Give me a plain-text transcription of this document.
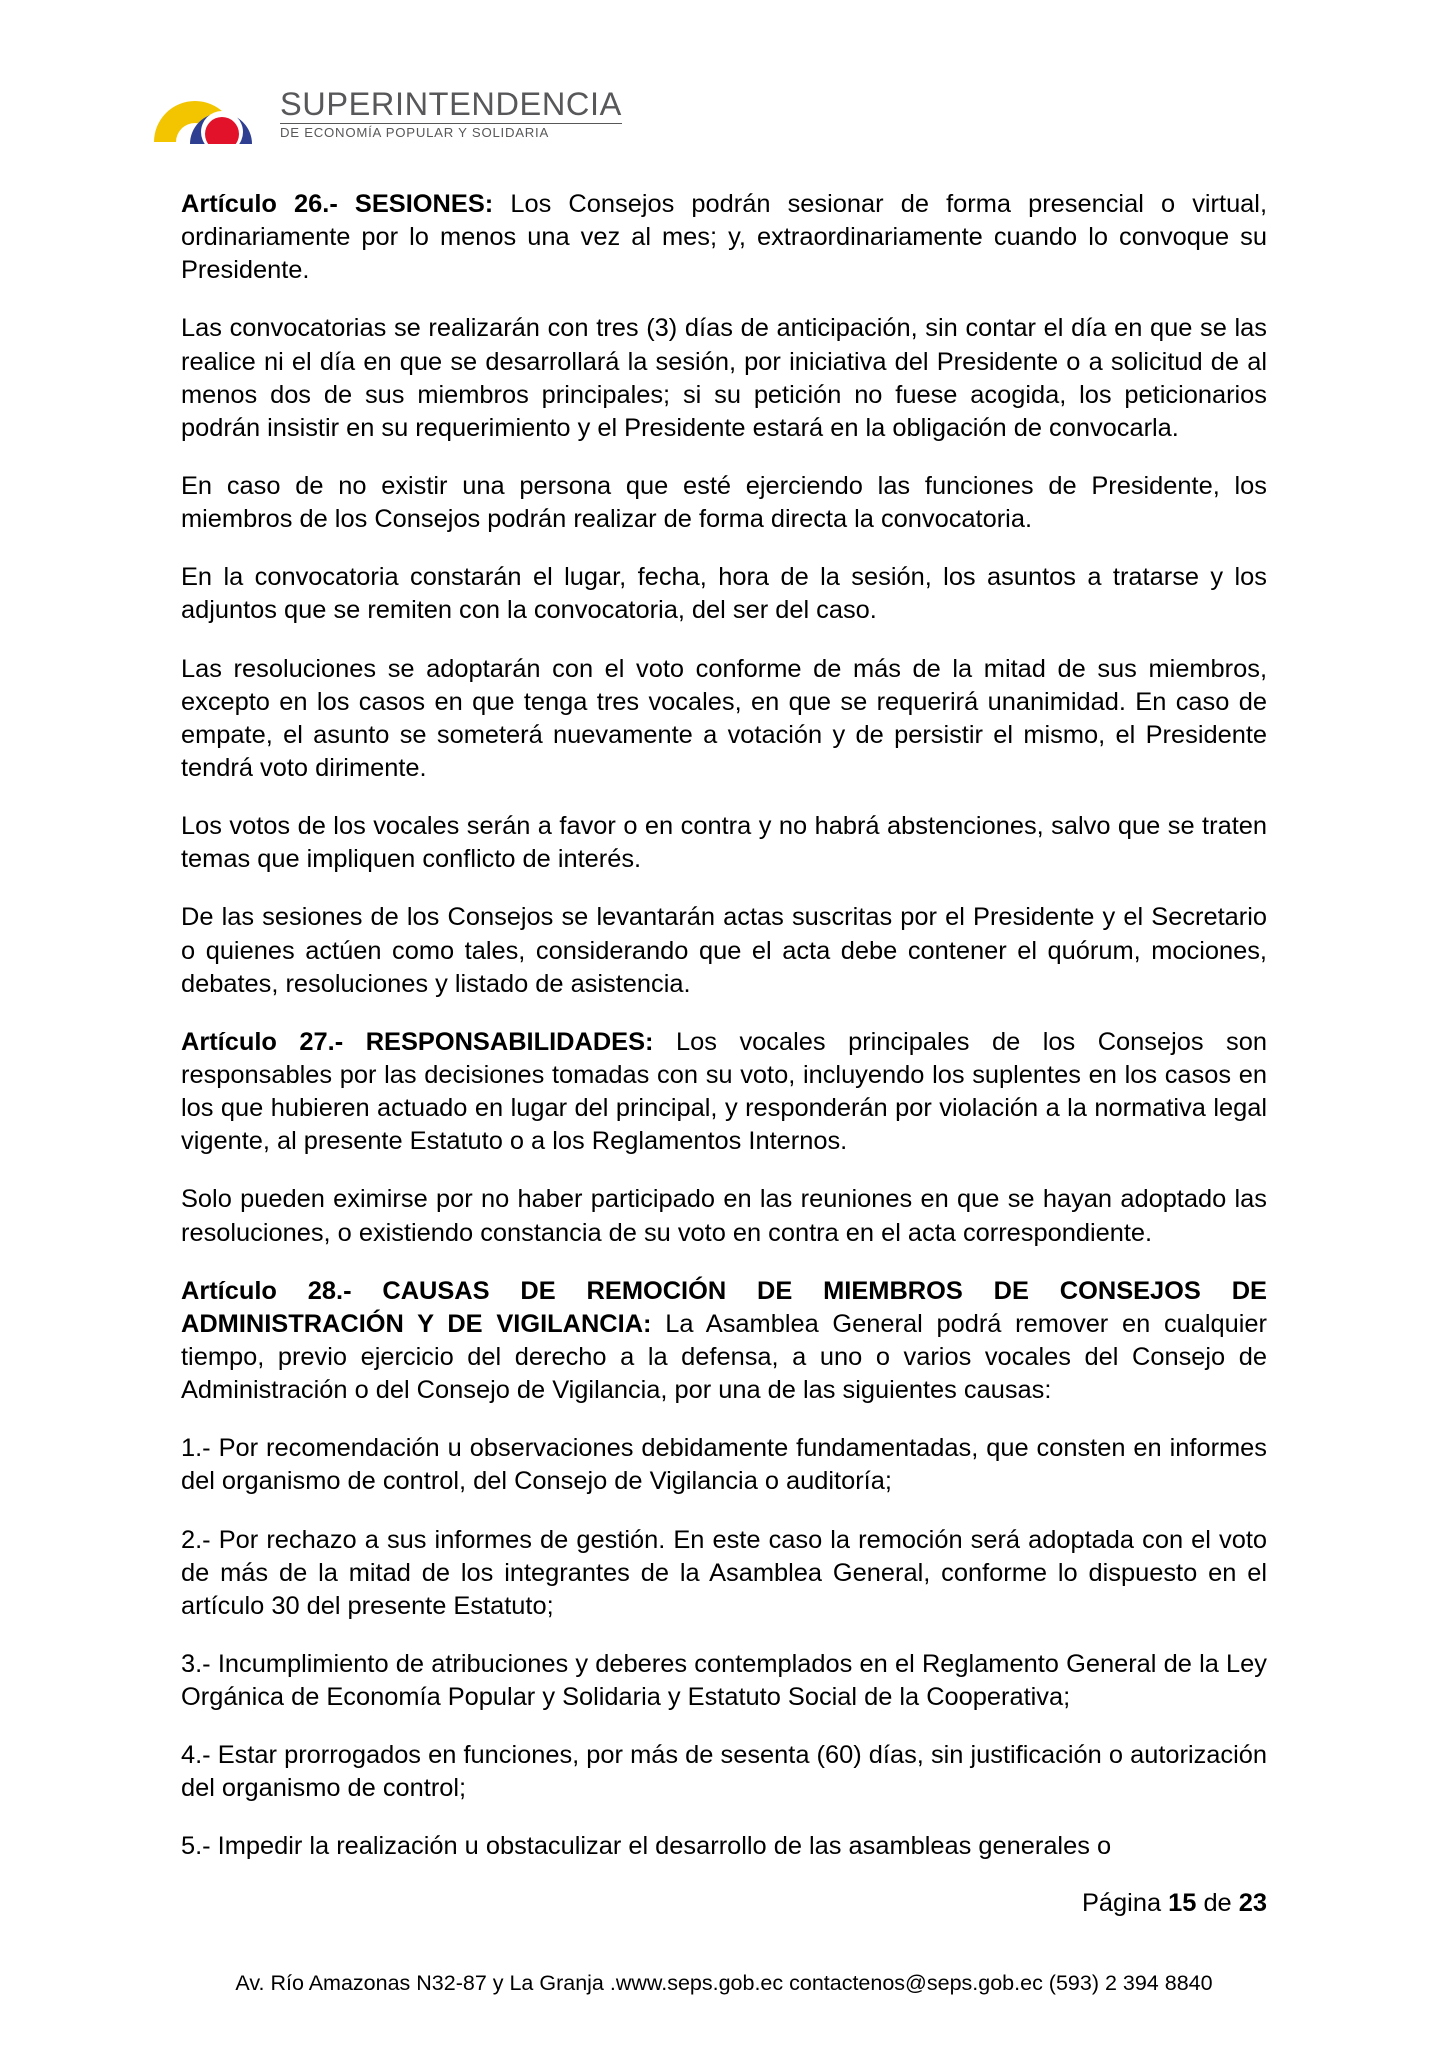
SUPERINTENDENCIA
DE ECONOMÍA POPULAR Y SOLIDARIA

Artículo 26.- SESIONES: Los Consejos podrán sesionar de forma presencial o virtual, ordinariamente por lo menos una vez al mes; y, extraordinariamente cuando lo convoque su Presidente.

Las convocatorias se realizarán con tres (3) días de anticipación, sin contar el día en que se las realice ni el día en que se desarrollará la sesión, por iniciativa del Presidente o a solicitud de al menos dos de sus miembros principales; si su petición no fuese acogida, los peticionarios podrán insistir en su requerimiento y el Presidente estará en la obligación de convocarla.

En caso de no existir una persona que esté ejerciendo las funciones de Presidente, los miembros de los Consejos podrán realizar de forma directa la convocatoria.

En la convocatoria constarán el lugar, fecha, hora de la sesión, los asuntos a tratarse y los adjuntos que se remiten con la convocatoria, del ser del caso.

Las resoluciones se adoptarán con el voto conforme de más de la mitad de sus miembros, excepto en los casos en que tenga tres vocales, en que se requerirá unanimidad. En caso de empate, el asunto se someterá nuevamente a votación y de persistir el mismo, el Presidente tendrá voto dirimente.

Los votos de los vocales serán a favor o en contra y no habrá abstenciones, salvo que se traten temas que impliquen conflicto de interés.

De las sesiones de los Consejos se levantarán actas suscritas por el Presidente y el Secretario o quienes actúen como tales, considerando que el acta debe contener el quórum, mociones, debates, resoluciones y listado de asistencia.

Artículo 27.- RESPONSABILIDADES: Los vocales principales de los Consejos son responsables por las decisiones tomadas con su voto, incluyendo los suplentes en los casos en los que hubieren actuado en lugar del principal, y responderán por violación a la normativa legal vigente, al presente Estatuto o a los Reglamentos Internos.

Solo pueden eximirse por no haber participado en las reuniones en que se hayan adoptado las resoluciones, o existiendo constancia de su voto en contra en el acta correspondiente.

Artículo 28.- CAUSAS DE REMOCIÓN DE MIEMBROS DE CONSEJOS DE ADMINISTRACIÓN Y DE VIGILANCIA: La Asamblea General podrá remover en cualquier tiempo, previo ejercicio del derecho a la defensa, a uno o varios vocales del Consejo de Administración o del Consejo de Vigilancia, por una de las siguientes causas:

1.- Por recomendación u observaciones debidamente fundamentadas, que consten en informes del organismo de control, del Consejo de Vigilancia o auditoría;

2.- Por rechazo a sus informes de gestión. En este caso la remoción será adoptada con el voto de más de la mitad de los integrantes de la Asamblea General, conforme lo dispuesto en el artículo 30 del presente Estatuto;

3.- Incumplimiento de atribuciones y deberes contemplados en el Reglamento General de la Ley Orgánica de Economía Popular y Solidaria y Estatuto Social de la Cooperativa;

4.- Estar prorrogados en funciones, por más de sesenta (60) días, sin justificación o autorización del organismo de control;

5.- Impedir la realización u obstaculizar el desarrollo de las asambleas generales o

Página 15 de 23
Av. Río Amazonas N32-87 y La Granja .www.seps.gob.ec contactenos@seps.gob.ec (593) 2 394 8840
